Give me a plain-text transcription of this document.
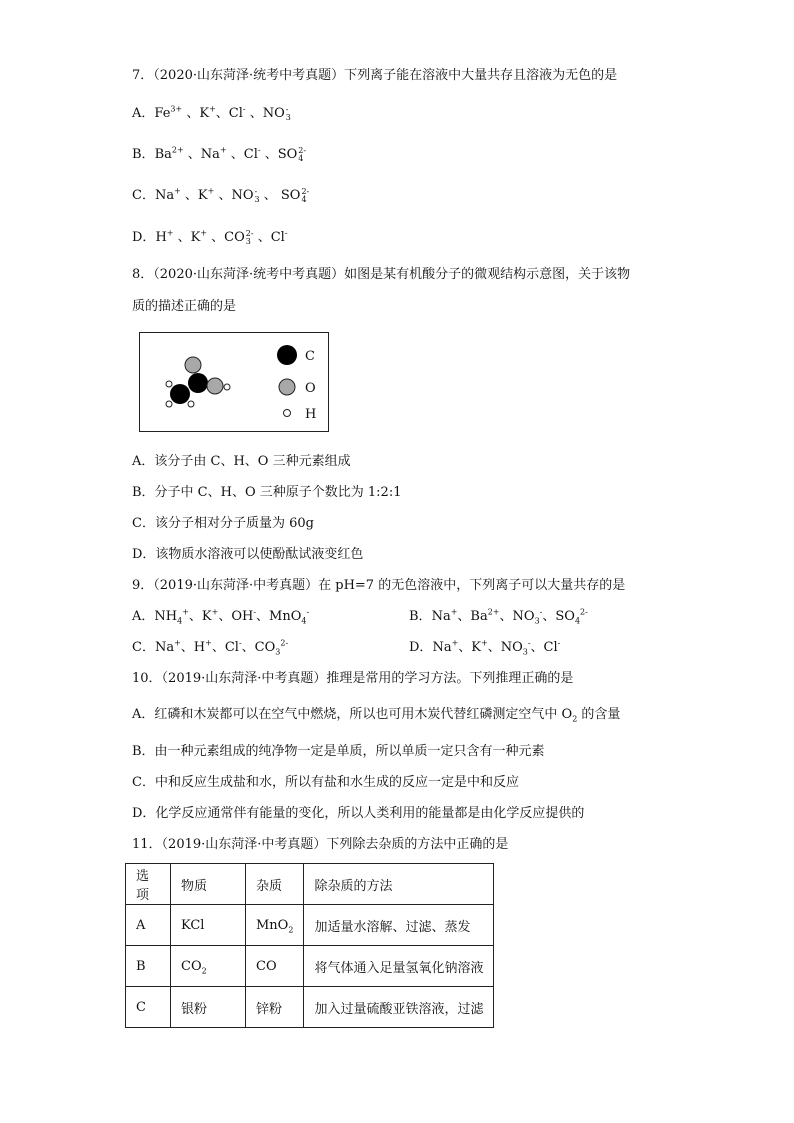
7．（2020·山东菏泽·统考中考真题）下列离子能在溶液中大量共存且溶液为无色的是
A．$Fe^{3+}$ 、K+、Cl- 、NO -
3
B．$Ba^{2+}$ 、Na+ 、Cl- 、SO 2-
4
C．Na+ 、K+ 、NO -
3 、 SO 2-
4
D．H+ 、K+ 、CO 2-
3 、Cl-
8．（2020·山东菏泽·统考中考真题）如图是某有机酸分子的微观结构示意图，关于该物
质的描述正确的是
C
O
H
A．该分子由 C、H、O 三种元素组成
B．分子中 C、H、O 三种原子个数比为 1:2:1
C．该分子相对分子质量为 60g
D．该物质水溶液可以使酚酞试液变红色
9．（2019·山东菏泽·中考真题）在 pH=7 的无色溶液中，下列离子可以大量共存的是
A．$NH_4^+$、K+、OH-、MnO$_4$-	B．Na+、$Ba^{2+}$、$NO_3^-$、$SO_4^{2-}$
C．Na+、H+、Cl-、$CO_3^{2-}$	D．Na+、K+、$NO_3^-$、Cl-
10．（2019·山东菏泽·中考真题）推理是常用的学习方法。下列推理正确的是
A．红磷和木炭都可以在空气中燃烧，所以也可用木炭代替红磷测定空气中 $O_2$ 的含量
B．由一种元素组成的纯净物一定是单质，所以单质一定只含有一种元素
C．中和反应生成盐和水，所以有盐和水生成的反应一定是中和反应
D．化学反应通常伴有能量的变化，所以人类利用的能量都是由化学反应提供的
11．（2019·山东菏泽·中考真题）下列除去杂质的方法中正确的是
选项	物质	杂质	除杂质的方法
A	KCl	MnO$_2$	加适量水溶解、过滤、蒸发
B	$CO_2$	CO	将气体通入足量氢氧化钠溶液
C	银粉	锌粉	加入过量硫酸亚铁溶液，过滤
